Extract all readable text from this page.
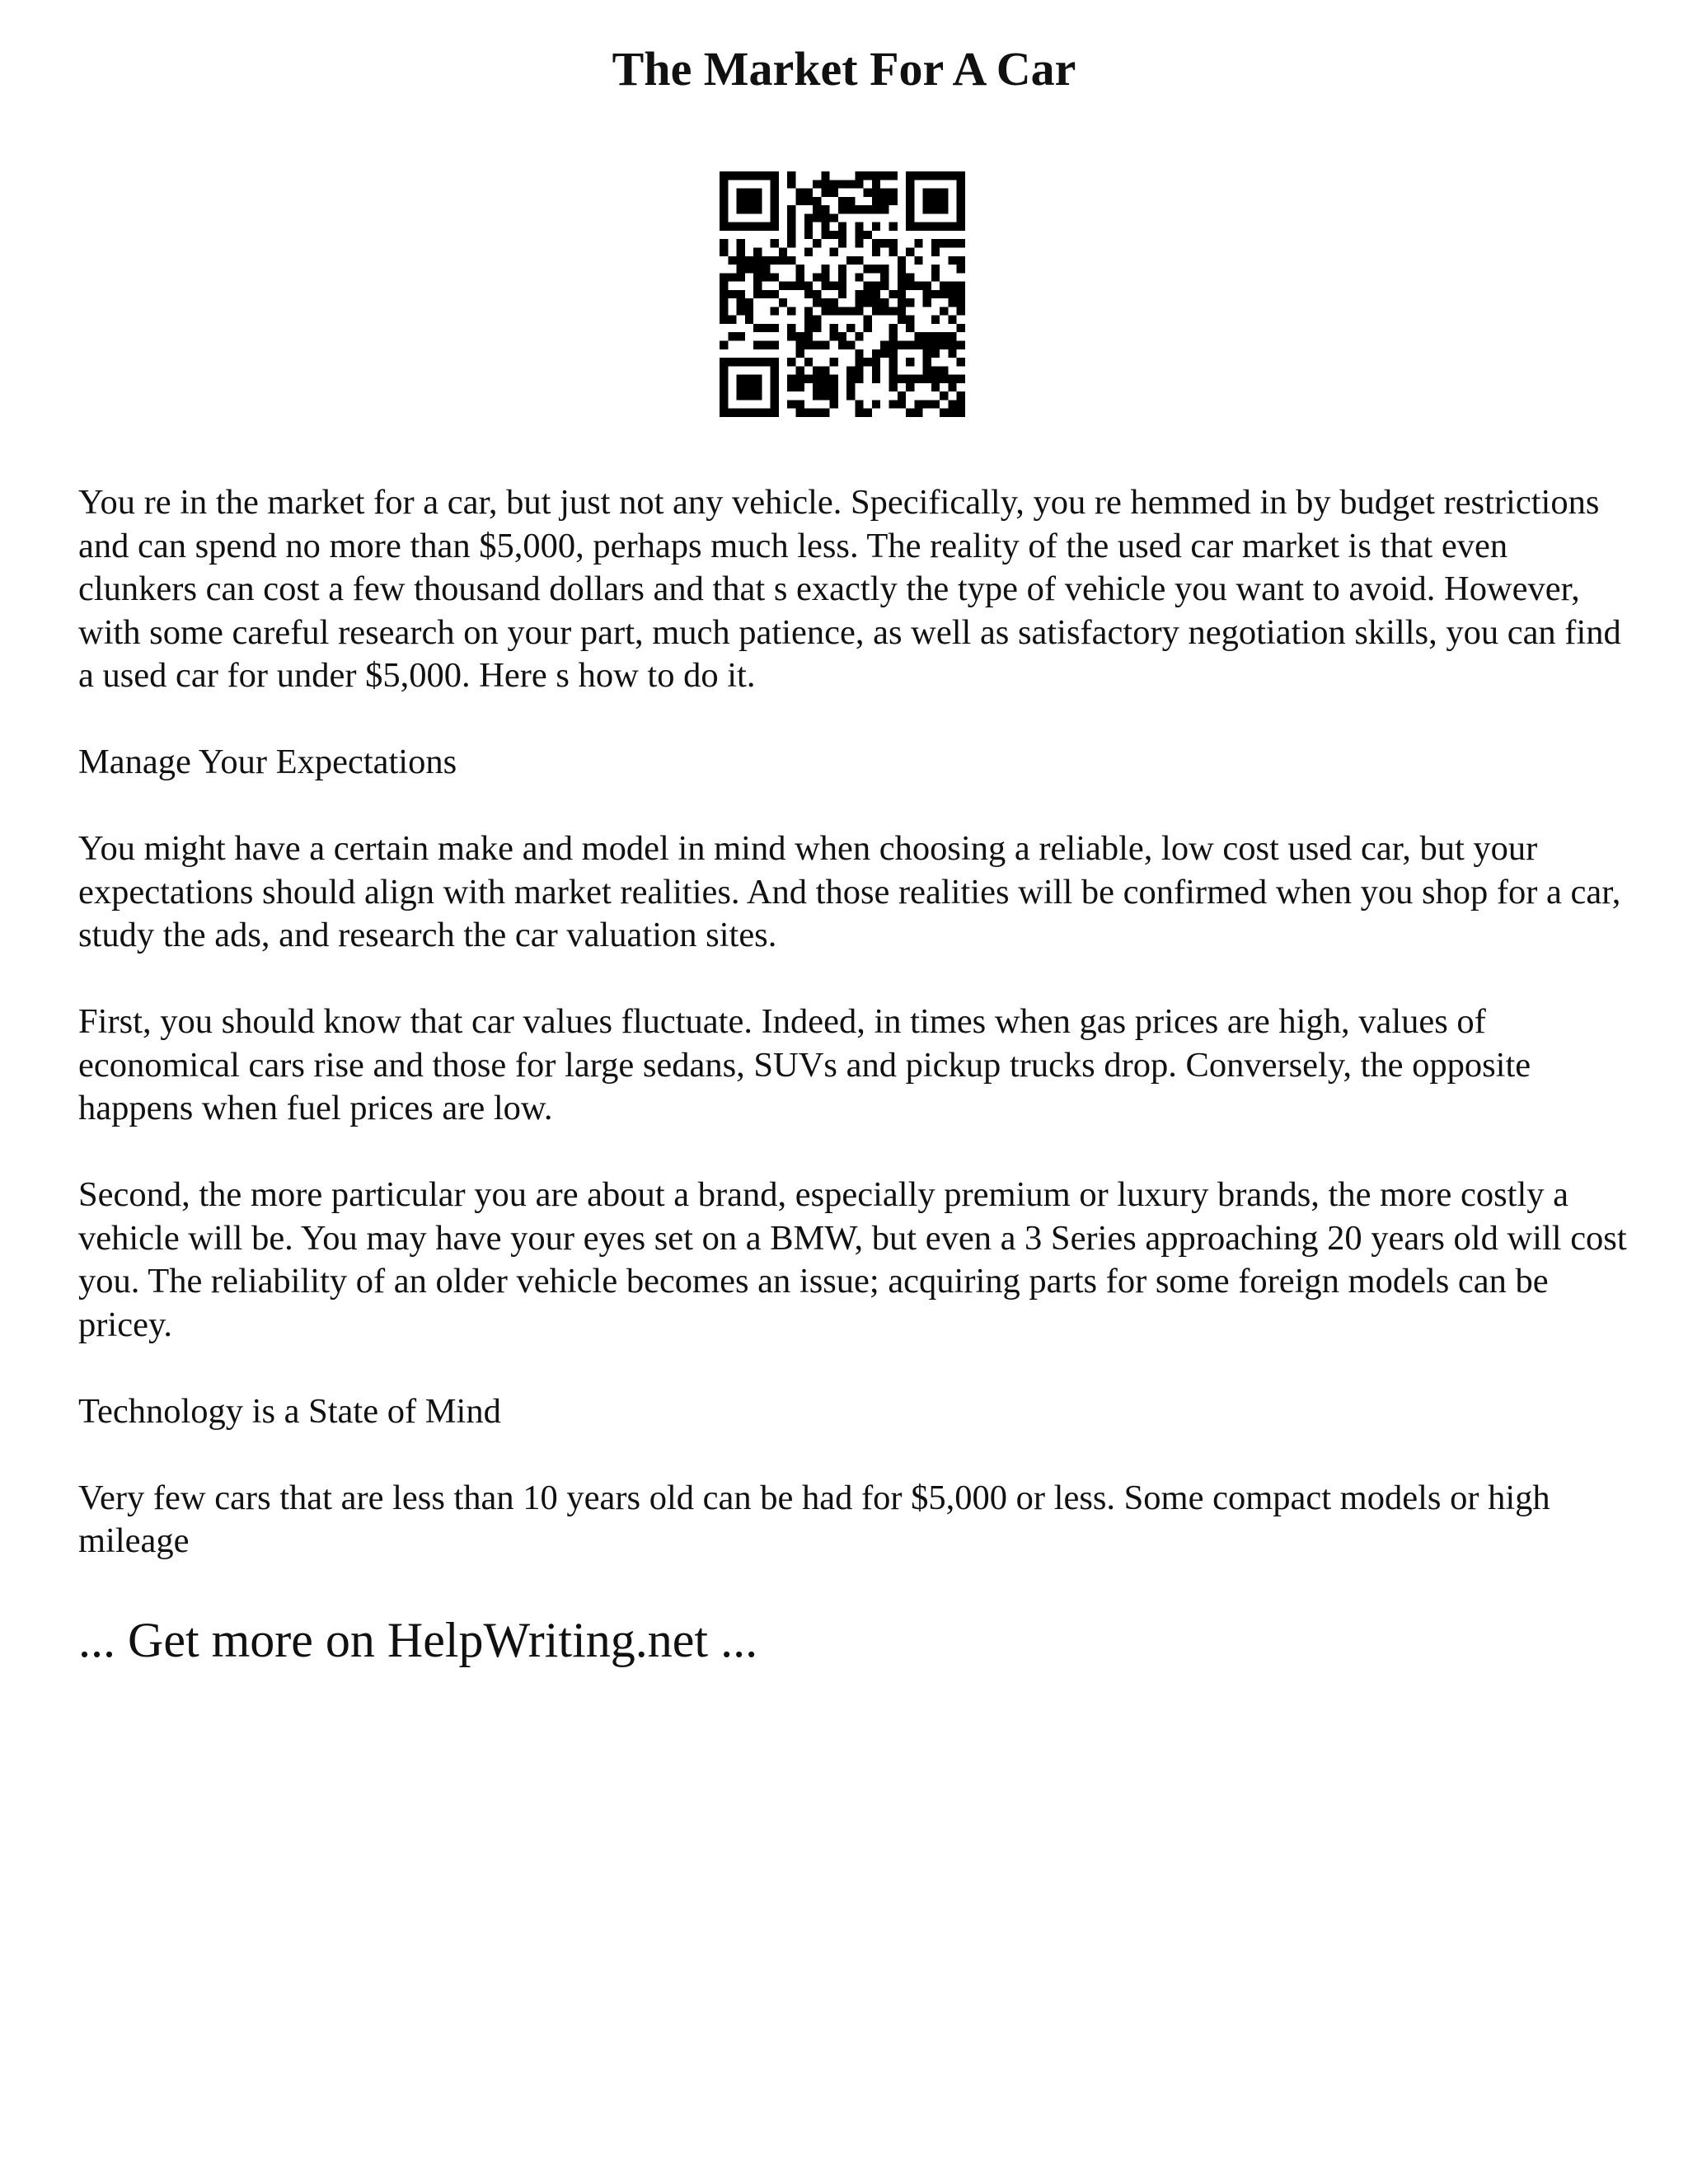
The Market For A Car

You re in the market for a car, but just not any vehicle. Specifically, you re hemmed in by budget restrictions and can spend no more than $5,000, perhaps much less. The reality of the used car market is that even clunkers can cost a few thousand dollars and that s exactly the type of vehicle you want to avoid. However, with some careful research on your part, much patience, as well as satisfactory negotiation skills, you can find a used car for under $5,000. Here s how to do it.

Manage Your Expectations

You might have a certain make and model in mind when choosing a reliable, low cost used car, but your expectations should align with market realities. And those realities will be confirmed when you shop for a car, study the ads, and research the car valuation sites.

First, you should know that car values fluctuate. Indeed, in times when gas prices are high, values of economical cars rise and those for large sedans, SUVs and pickup trucks drop. Conversely, the opposite happens when fuel prices are low.

Second, the more particular you are about a brand, especially premium or luxury brands, the more costly a vehicle will be. You may have your eyes set on a BMW, but even a 3 Series approaching 20 years old will cost you. The reliability of an older vehicle becomes an issue; acquiring parts for some foreign models can be pricey.

Technology is a State of Mind

Very few cars that are less than 10 years old can be had for $5,000 or less. Some compact models or high mileage

... Get more on HelpWriting.net ...
